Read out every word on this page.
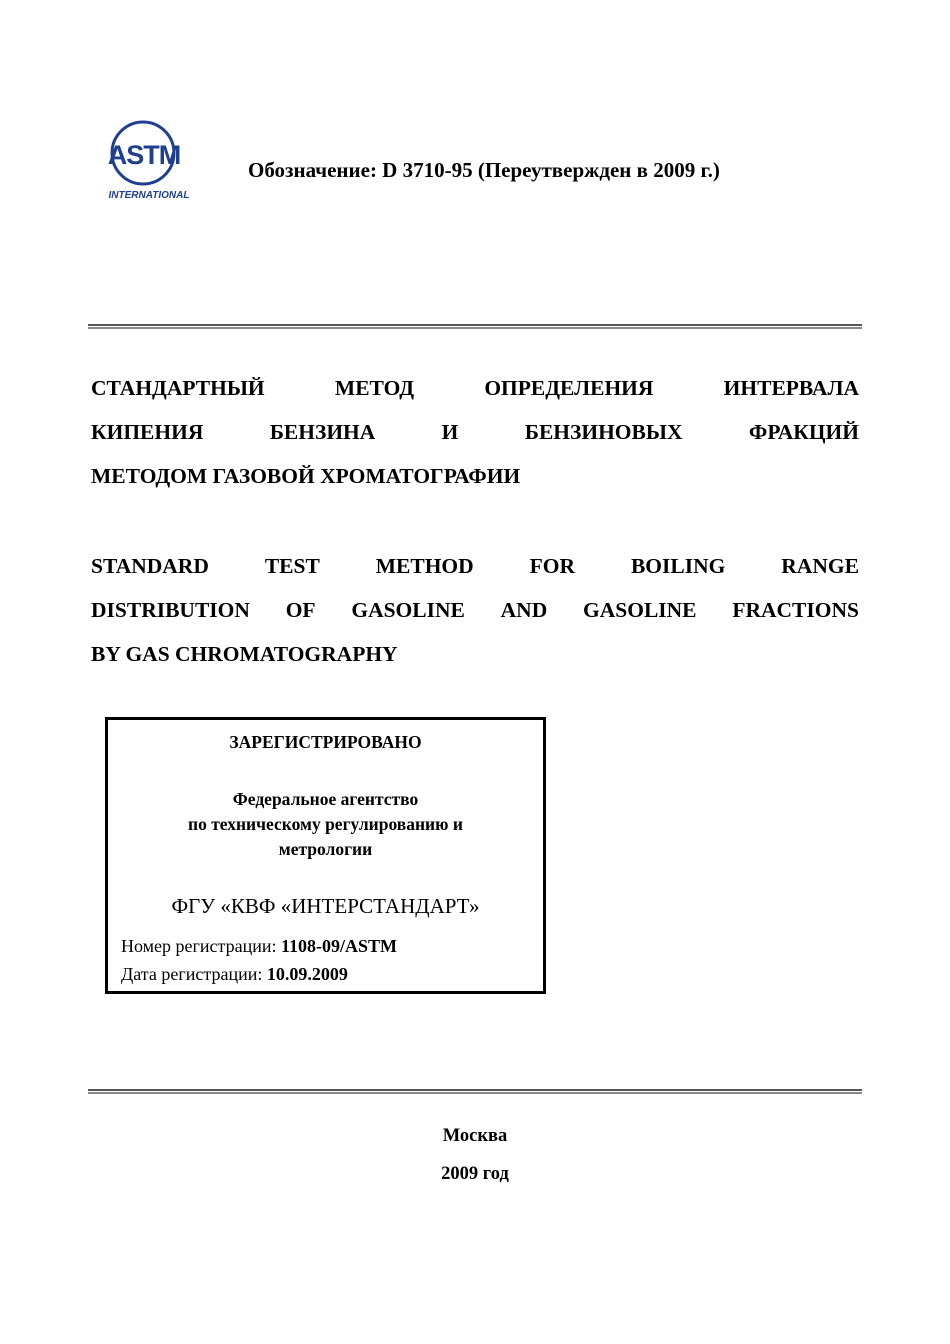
ASTM
INTERNATIONAL
Обозначение: D 3710-95 (Переутвержден в 2009 г.)
СТАНДАРТНЫЙ	МЕТОД	ОПРЕДЕЛЕНИЯ	ИНТЕРВАЛА
КИПЕНИЯ	БЕНЗИНА	И	БЕНЗИНОВЫХ	ФРАКЦИЙ
МЕТОДОМ ГАЗОВОЙ ХРОМАТОГРАФИИ
STANDARD	TEST	METHOD	FOR	BOILING	RANGE
DISTRIBUTION OF GASOLINE AND GASOLINE FRACTIONS
BY GAS CHROMATOGRAPHY
ЗАРЕГИСТРИРОВАНО
Федеральное агентство
по техническому регулированию и
метрологии
ФГУ «КВФ «ИНТЕРСТАНДАРТ»
Номер регистрации: 1108-09/ASTM
Дата регистрации: 10.09.2009
Москва
2009 год
